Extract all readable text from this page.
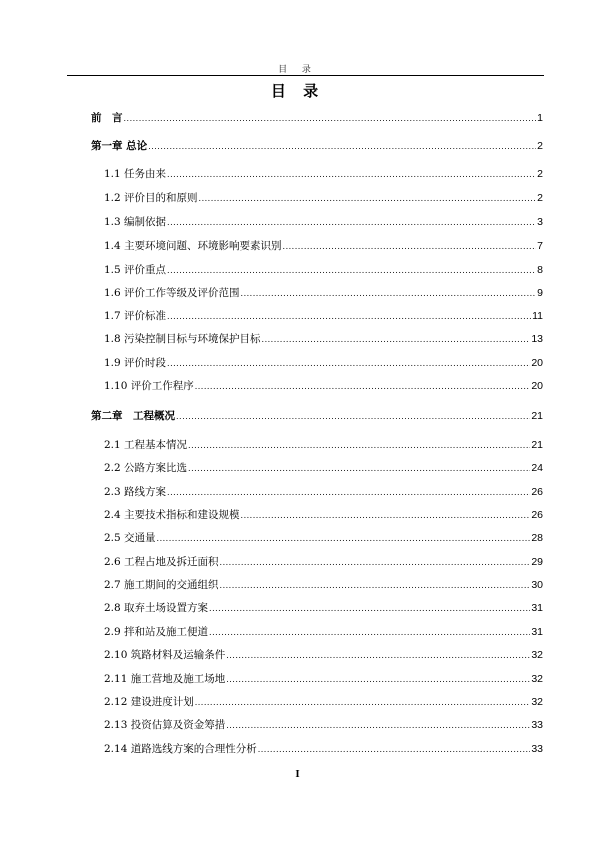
目 录
目 录
前　言 .....	1
第一章 总论 .....	2
1.1 任务由来 .....	2
1.2 评价目的和原则 .....	2
1.3 编制依据 .....	3
1.4 主要环境问题、环境影响要素识别 .....	7
1.5 评价重点 .....	8
1.6 评价工作等级及评价范围 .....	9
1.7 评价标准 .....	11
1.8 污染控制目标与环境保护目标 .....	13
1.9 评价时段 .....	20
1.10 评价工作程序 .....	20
第二章　工程概况 .....	21
2.1 工程基本情况 .....	21
2.2 公路方案比选 .....	24
2.3 路线方案 .....	26
2.4 主要技术指标和建设规模 .....	26
2.5 交通量 .....	28
2.6 工程占地及拆迁面积 .....	29
2.7 施工期间的交通组织 .....	30
2.8 取弃土场设置方案 .....	31
2.9 拌和站及施工便道 .....	31
2.10 筑路材料及运输条件 .....	32
2.11 施工营地及施工场地 .....	32
2.12 建设进度计划 .....	32
2.13 投资估算及资金筹措 .....	33
2.14 道路选线方案的合理性分析 .....	33
I
